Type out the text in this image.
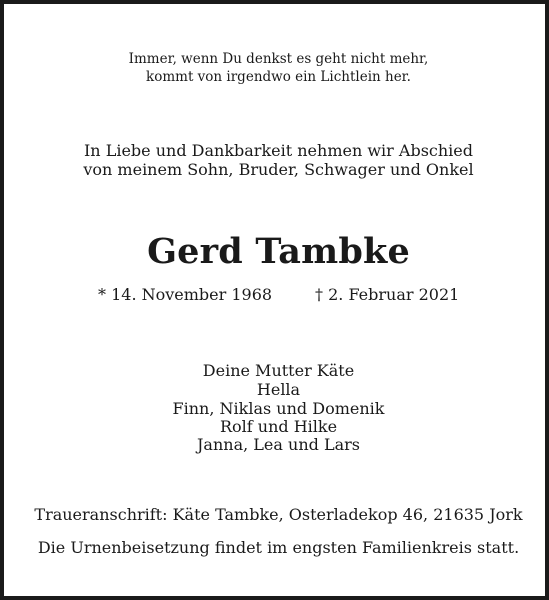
Immer, wenn Du denkst es geht nicht mehr,
kommt von irgendwo ein Lichtlein her.
In Liebe und Dankbarkeit nehmen wir Abschied
von meinem Sohn, Bruder, Schwager und Onkel
Gerd Tambke
* 14. November 1968	† 2. Februar 2021
Deine Mutter Käte
Hella
Finn, Niklas und Domenik
Rolf und Hilke
Janna, Lea und Lars
Traueranschrift: Käte Tambke, Osterladekop 46, 21635 Jork
Die Urnenbeisetzung findet im engsten Familienkreis statt.
